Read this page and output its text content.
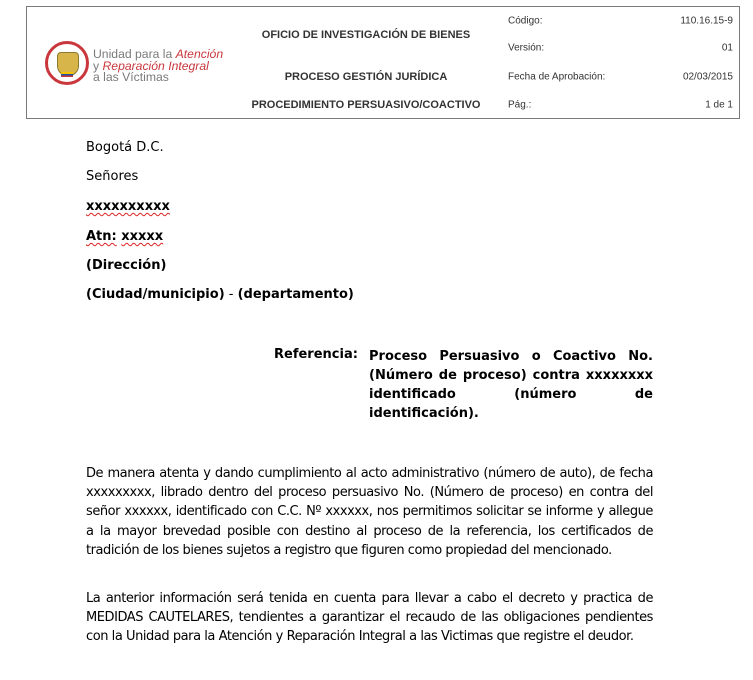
Unidad para la Atención
y Reparación Integral
a las Víctimas
OFICIO DE INVESTIGACIÓN DE BIENES
PROCESO GESTIÓN JURÍDICA
PROCEDIMIENTO PERSUASIVO/COACTIVO
Código:	110.16.15-9
Versión:	01
Fecha de Aprobación:	02/03/2015
Pág.:	1 de 1
Bogotá D.C.
Señores
xxxxxxxxxx
Atn: xxxxx
(Dirección)
(Ciudad/municipio) - (departamento)
Referencia: Proceso Persuasivo o Coactivo No. (Número de proceso) contra xxxxxxxx identificado (número de identificación).
De manera atenta y dando cumplimiento al acto administrativo (número de auto), de fecha xxxxxxxxx, librado dentro del proceso persuasivo No. (Número de proceso) en contra del señor xxxxxx, identificado con C.C. Nº xxxxxx, nos permitimos solicitar se informe y allegue a la mayor brevedad posible con destino al proceso de la referencia, los certificados de tradición de los bienes sujetos a registro que figuren como propiedad del mencionado.
La anterior información será tenida en cuenta para llevar a cabo el decreto y practica de MEDIDAS CAUTELARES, tendientes a garantizar el recaudo de las obligaciones pendientes con la Unidad para la Atención y Reparación Integral a las Victimas que registre el deudor.
